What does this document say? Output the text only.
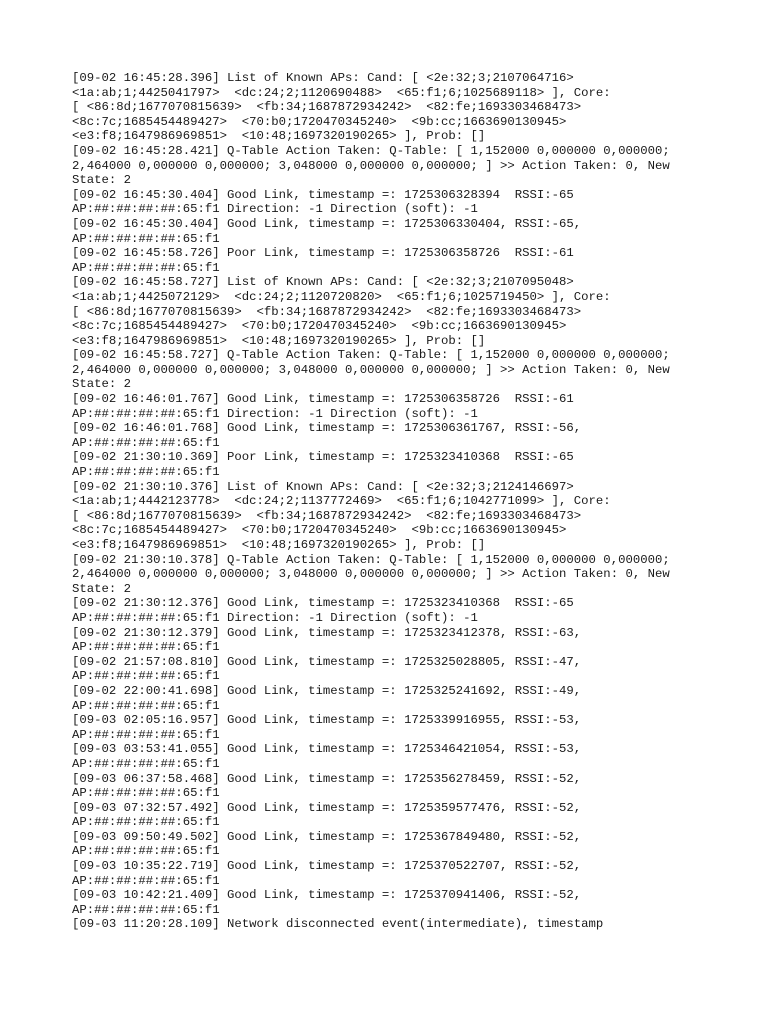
[09-02 16:45:28.396] List of Known APs: Cand: [ <2e:32;3;2107064716>
<1a:ab;1;4425041797>  <dc:24;2;1120690488>  <65:f1;6;1025689118> ], Core:
[ <86:8d;1677070815639>  <fb:34;1687872934242>  <82:fe;1693303468473>
<8c:7c;1685454489427>  <70:b0;1720470345240>  <9b:cc;1663690130945>
<e3:f8;1647986969851>  <10:48;1697320190265> ], Prob: []
[09-02 16:45:28.421] Q-Table Action Taken: Q-Table: [ 1,152000 0,000000 0,000000;
2,464000 0,000000 0,000000; 3,048000 0,000000 0,000000; ] >> Action Taken: 0, New
State: 2
[09-02 16:45:30.404] Good Link, timestamp =: 1725306328394  RSSI:-65
AP:##:##:##:##:65:f1 Direction: -1 Direction (soft): -1
[09-02 16:45:30.404] Good Link, timestamp =: 1725306330404, RSSI:-65,
AP:##:##:##:##:65:f1
[09-02 16:45:58.726] Poor Link, timestamp =: 1725306358726  RSSI:-61
AP:##:##:##:##:65:f1
[09-02 16:45:58.727] List of Known APs: Cand: [ <2e:32;3;2107095048>
<1a:ab;1;4425072129>  <dc:24;2;1120720820>  <65:f1;6;1025719450> ], Core:
[ <86:8d;1677070815639>  <fb:34;1687872934242>  <82:fe;1693303468473>
<8c:7c;1685454489427>  <70:b0;1720470345240>  <9b:cc;1663690130945>
<e3:f8;1647986969851>  <10:48;1697320190265> ], Prob: []
[09-02 16:45:58.727] Q-Table Action Taken: Q-Table: [ 1,152000 0,000000 0,000000;
2,464000 0,000000 0,000000; 3,048000 0,000000 0,000000; ] >> Action Taken: 0, New
State: 2
[09-02 16:46:01.767] Good Link, timestamp =: 1725306358726  RSSI:-61
AP:##:##:##:##:65:f1 Direction: -1 Direction (soft): -1
[09-02 16:46:01.768] Good Link, timestamp =: 1725306361767, RSSI:-56,
AP:##:##:##:##:65:f1
[09-02 21:30:10.369] Poor Link, timestamp =: 1725323410368  RSSI:-65
AP:##:##:##:##:65:f1
[09-02 21:30:10.376] List of Known APs: Cand: [ <2e:32;3;2124146697>
<1a:ab;1;4442123778>  <dc:24;2;1137772469>  <65:f1;6;1042771099> ], Core:
[ <86:8d;1677070815639>  <fb:34;1687872934242>  <82:fe;1693303468473>
<8c:7c;1685454489427>  <70:b0;1720470345240>  <9b:cc;1663690130945>
<e3:f8;1647986969851>  <10:48;1697320190265> ], Prob: []
[09-02 21:30:10.378] Q-Table Action Taken: Q-Table: [ 1,152000 0,000000 0,000000;
2,464000 0,000000 0,000000; 3,048000 0,000000 0,000000; ] >> Action Taken: 0, New
State: 2
[09-02 21:30:12.376] Good Link, timestamp =: 1725323410368  RSSI:-65
AP:##:##:##:##:65:f1 Direction: -1 Direction (soft): -1
[09-02 21:30:12.379] Good Link, timestamp =: 1725323412378, RSSI:-63,
AP:##:##:##:##:65:f1
[09-02 21:57:08.810] Good Link, timestamp =: 1725325028805, RSSI:-47,
AP:##:##:##:##:65:f1
[09-02 22:00:41.698] Good Link, timestamp =: 1725325241692, RSSI:-49,
AP:##:##:##:##:65:f1
[09-03 02:05:16.957] Good Link, timestamp =: 1725339916955, RSSI:-53,
AP:##:##:##:##:65:f1
[09-03 03:53:41.055] Good Link, timestamp =: 1725346421054, RSSI:-53,
AP:##:##:##:##:65:f1
[09-03 06:37:58.468] Good Link, timestamp =: 1725356278459, RSSI:-52,
AP:##:##:##:##:65:f1
[09-03 07:32:57.492] Good Link, timestamp =: 1725359577476, RSSI:-52,
AP:##:##:##:##:65:f1
[09-03 09:50:49.502] Good Link, timestamp =: 1725367849480, RSSI:-52,
AP:##:##:##:##:65:f1
[09-03 10:35:22.719] Good Link, timestamp =: 1725370522707, RSSI:-52,
AP:##:##:##:##:65:f1
[09-03 10:42:21.409] Good Link, timestamp =: 1725370941406, RSSI:-52,
AP:##:##:##:##:65:f1
[09-03 11:20:28.109] Network disconnected event(intermediate), timestamp
